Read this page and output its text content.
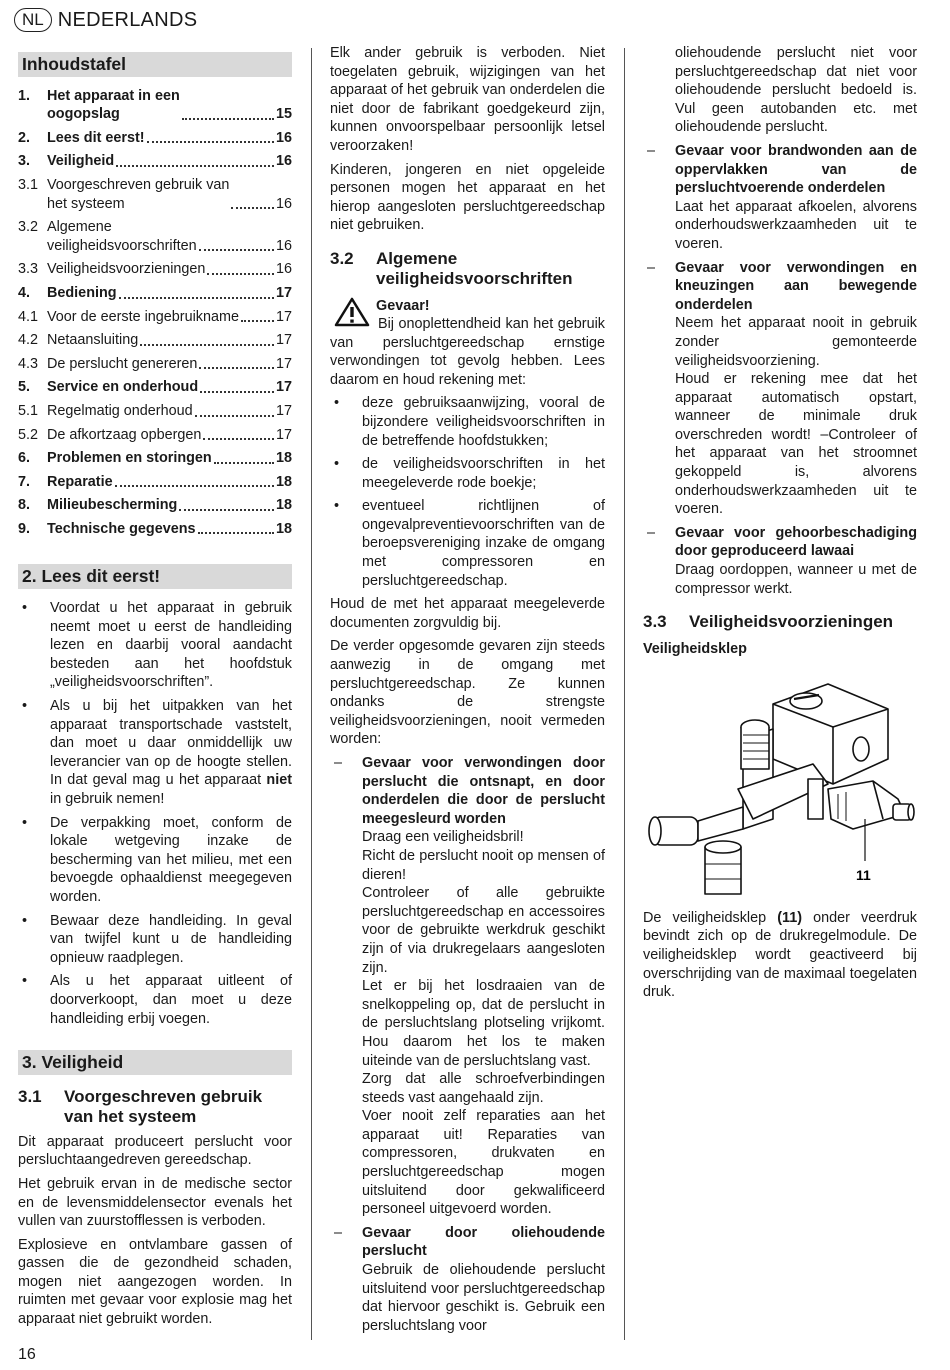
NL NEDERLANDS
Inhoudstafel
1.	Het apparaat in een
oogopslag	15
2.	Lees dit eerst!	16
3.	Veiligheid	16
3.1 Voorgeschreven gebruik van
het systeem	16
3.2 Algemene
veiligheidsvoorschriften	16
3.3 Veiligheidsvoorzieningen	16
4.	Bediening	17
4.1 Voor de eerste ingebruikname	17
4.2 Netaansluiting	17
4.3 De perslucht genereren	17
5.	Service en onderhoud	17
5.1 Regelmatig onderhoud	17
5.2 De afkortzaag opbergen	17
6.	Problemen en storingen	18
7.	Reparatie	18
8.	Milieubescherming	18
9.	Technische gegevens	18
2. Lees dit eerst!
•	Voordat u het apparaat in gebruik neemt moet u eerst de handleiding lezen en daarbij vooral aandacht besteden aan het hoofdstuk „veiligheidsvoorschriften”.
•	Als u bij het uitpakken van het apparaat transportschade vaststelt, dan moet u daar onmiddellijk uw leverancier van op de hoogte stellen. In dat geval mag u het apparaat niet in gebruik nemen!
•	De verpakking moet, conform de lokale wetgeving inzake de bescherming van het milieu, met een bevoegde ophaaldienst meegegeven worden.
•	Bewaar deze handleiding. In geval van twijfel kunt u de handleiding opnieuw raadplegen.
•	Als u het apparaat uitleent of doorverkoopt, dan moet u deze handleiding erbij voegen.
3. Veiligheid
3.1	Voorgeschreven gebruik van het systeem

Dit apparaat produceert perslucht voor persluchtaangedreven gereedschap.

Het gebruik ervan in de medische sector en de levensmiddelensector evenals het vullen van zuurstofflessen is verboden.

Explosieve en ontvlambare gassen of gassen die de gezondheid schaden, mogen niet aangezogen worden. In ruimten met gevaar voor explosie mag het apparaat niet gebruikt worden.

Elk ander gebruik is verboden. Niet toegelaten gebruik, wijzigingen van het apparaat of het gebruik van onderdelen die niet door de fabrikant goedgekeurd zijn, kunnen onvoorspelbaar persoonlijk letsel veroorzaken!

Kinderen, jongeren en niet opgeleide personen mogen het apparaat en het hierop aangesloten persluchtgereedschap niet gebruiken.

3.2	Algemene veiligheidsvoorschriften
Gevaar!

Bij onoplettendheid kan het gebruik van persluchtgereedschap ernstige verwondingen tot gevolg hebben. Lees daarom en houd rekening met:

•	deze gebruiksaanwijzing, vooral de bijzondere veiligheidsvoorschriften in de betreffende hoofdstukken;
•	de veiligheidsvoorschriften in het meegeleverde rode boekje;
•	eventueel richtlijnen of ongevalpreventievoorschriften van de beroepsvereniging inzake de omgang met compressoren en persluchtgereedschap.

Houd de met het apparaat meegeleverde documenten zorgvuldig bij.

De verder opgesomde gevaren zijn steeds aanwezig in de omgang met persluchtgereedschap. Ze kunnen ondanks de strengste veiligheidsvoorzieningen, nooit vermeden worden:

–	Gevaar voor verwondingen door perslucht die ontsnapt, en door onderdelen die door de perslucht meegesleurd worden
Draag een veiligheidsbril!
Richt de perslucht nooit op mensen of dieren!
Controleer of alle gebruikte persluchtgereedschap en accessoires voor de gebruikte werkdruk geschikt zijn of via drukregelaars aangesloten zijn.
Let er bij het losdraaien van de snelkoppeling op, dat de perslucht in de persluchtslang plotseling vrijkomt. Hou daarom het los te maken uiteinde van de persluchtslang vast.
Zorg dat alle schroefverbindingen steeds vast aangehaald zijn.
Voer nooit zelf reparaties aan het apparaat uit! Reparaties van compressoren, drukvaten en persluchtgereedschap mogen uitsluitend door gekwalificeerd personeel uitgevoerd worden.
–	Gevaar door oliehoudende perslucht
Gebruik de oliehoudende perslucht uitsluitend voor persluchtgereedschap dat hiervoor geschikt is. Gebruik een persluchtslang voor
oliehoudende perslucht niet voor persluchtgereedschap dat niet voor oliehoudende perslucht bedoeld is. Vul geen autobanden etc. met oliehoudende perslucht.
–	Gevaar voor brandwonden aan de oppervlakken van de persluchtvoerende onderdelen
Laat het apparaat afkoelen, alvorens onderhoudswerkzaamheden uit te voeren.
–	Gevaar voor verwondingen en kneuzingen aan bewegende onderdelen
Neem het apparaat nooit in gebruik zonder gemonteerde veiligheidsvoorziening.
Houd er rekening mee dat het apparaat automatisch opstart, wanneer de minimale druk overschreden wordt! –Controleer of het apparaat van het stroomnet gekoppeld is, alvorens onderhoudswerkzaamheden uit te voeren.
–	Gevaar voor gehoorbeschadiging door geproduceerd lawaai
Draag oordoppen, wanneer u met de compressor werkt.
3.3	Veiligheidsvoorzieningen
Veiligheidsklep
11

De veiligheidsklep (11) onder veerdruk bevindt zich op de drukregelmodule. De veiligheidsklep wordt geactiveerd bij overschrijding van de maximaal toegelaten druk.

16
